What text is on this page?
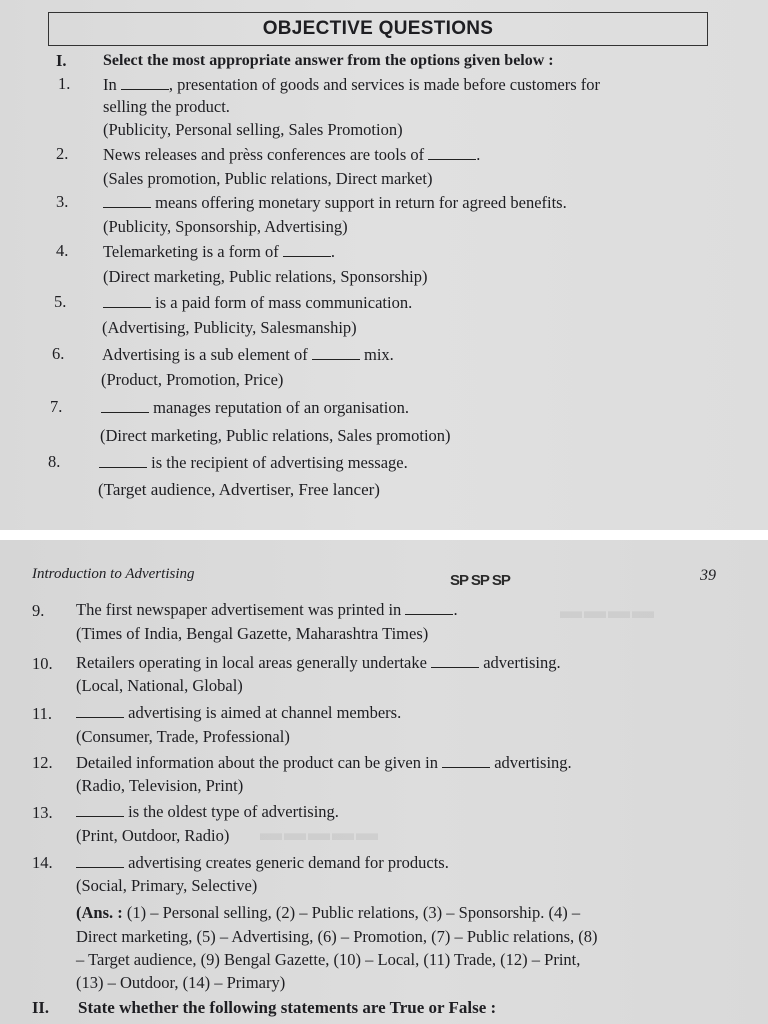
OBJECTIVE QUESTIONS
I. Select the most appropriate answer from the options given below :
1. In	, presentation of goods and services is made before customers for
selling the product.
(Publicity, Personal selling, Sales Promotion)
2. News releases and prèss conferences are tools of	.
(Sales promotion, Public relations, Direct market)
3.	means offering monetary support in return for agreed benefits.
(Publicity, Sponsorship, Advertising)
4. Telemarketing is a form of	.
(Direct marketing, Public relations, Sponsorship)
5.	is a paid form of mass communication.
(Advertising, Publicity, Salesmanship)
6. Advertising is a sub element of	mix.
(Product, Promotion, Price)
7.	manages reputation of an organisation.
(Direct marketing, Public relations, Sales promotion)
8.	is the recipient of advertising message.
(Target audience, Advertiser, Free lancer)
▬▬▬▬
▬▬▬▬▬
Introduction to Advertising	SP SP SP	39
9. The first newspaper advertisement was printed in	.
(Times of India, Bengal Gazette, Maharashtra Times)
10. Retailers operating in local areas generally undertake	advertising.
(Local, National, Global)
11.	advertising is aimed at channel members.
(Consumer, Trade, Professional)
12. Detailed information about the product can be given in	advertising.
(Radio, Television, Print)
13.	is the oldest type of advertising.
(Print, Outdoor, Radio)
14.	advertising creates generic demand for products.
(Social, Primary, Selective)
(Ans. : (1) – Personal selling, (2) – Public relations, (3) – Sponsorship. (4) –
Direct marketing, (5) – Advertising, (6) – Promotion, (7) – Public relations, (8)
– Target audience, (9) Bengal Gazette, (10) – Local, (11) Trade, (12) – Print,
(13) – Outdoor, (14) – Primary)
II. State whether the following statements are True or False :
